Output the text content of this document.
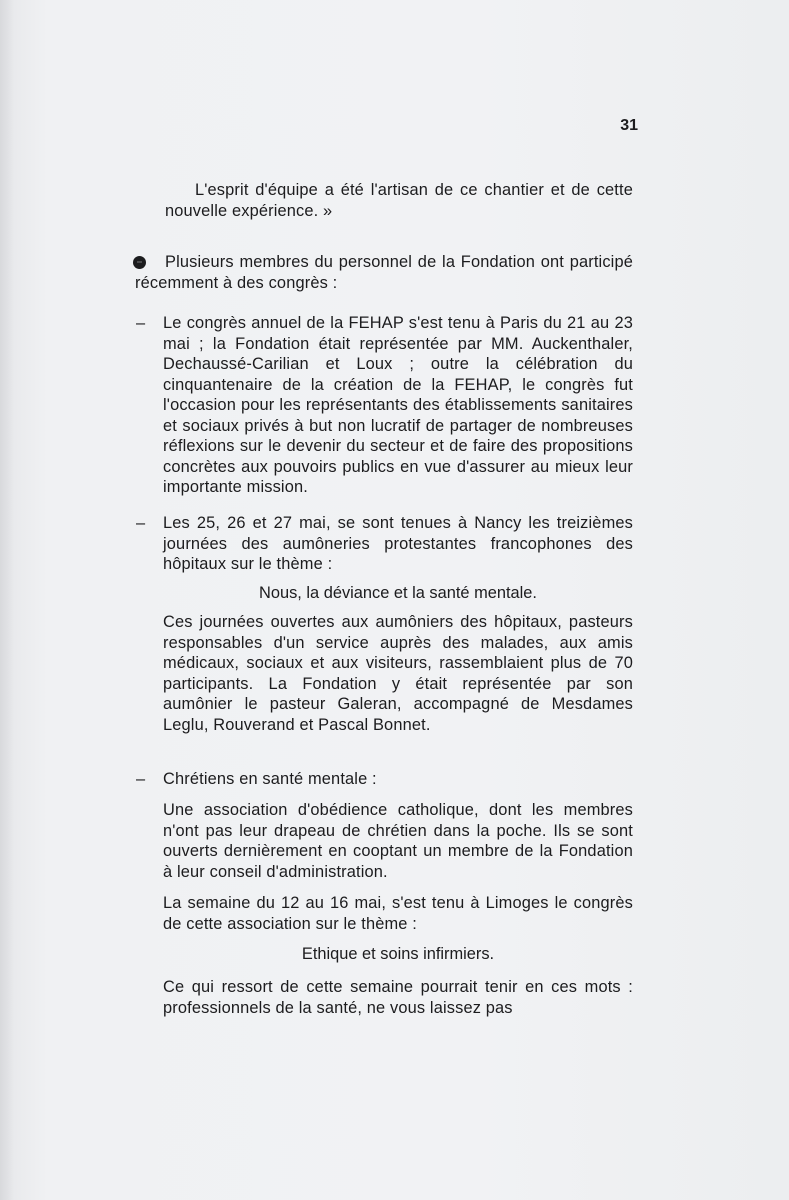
31

L'esprit d'équipe a été l'artisan de ce chantier et de cette nouvelle expérience. »

Plusieurs membres du personnel de la Fondation ont participé récemment à des congrès :

– Le congrès annuel de la FEHAP s'est tenu à Paris du 21 au 23 mai ; la Fondation était représentée par MM. Auckenthaler, Dechaussé-Carilian et Loux ; outre la célébration du cinquantenaire de la création de la FEHAP, le congrès fut l'occasion pour les représentants des établissements sanitaires et sociaux privés à but non lucratif de partager de nombreuses réflexions sur le devenir du secteur et de faire des propositions concrètes aux pouvoirs publics en vue d'assurer au mieux leur importante mission.

– Les 25, 26 et 27 mai, se sont tenues à Nancy les treizièmes journées des aumôneries protestantes francophones des hôpitaux sur le thème :

Nous, la déviance et la santé mentale.

Ces journées ouvertes aux aumôniers des hôpitaux, pasteurs responsables d'un service auprès des malades, aux amis médicaux, sociaux et aux visiteurs, rassemblaient plus de 70 participants. La Fondation y était représentée par son aumônier le pasteur Galeran, accompagné de Mesdames Leglu, Rouverand et Pascal Bonnet.

– Chrétiens en santé mentale :

Une association d'obédience catholique, dont les membres n'ont pas leur drapeau de chrétien dans la poche. Ils se sont ouverts dernièrement en cooptant un membre de la Fondation à leur conseil d'administration.

La semaine du 12 au 16 mai, s'est tenu à Limoges le congrès de cette association sur le thème :

Ethique et soins infirmiers.

Ce qui ressort de cette semaine pourrait tenir en ces mots : professionnels de la santé, ne vous laissez pas
